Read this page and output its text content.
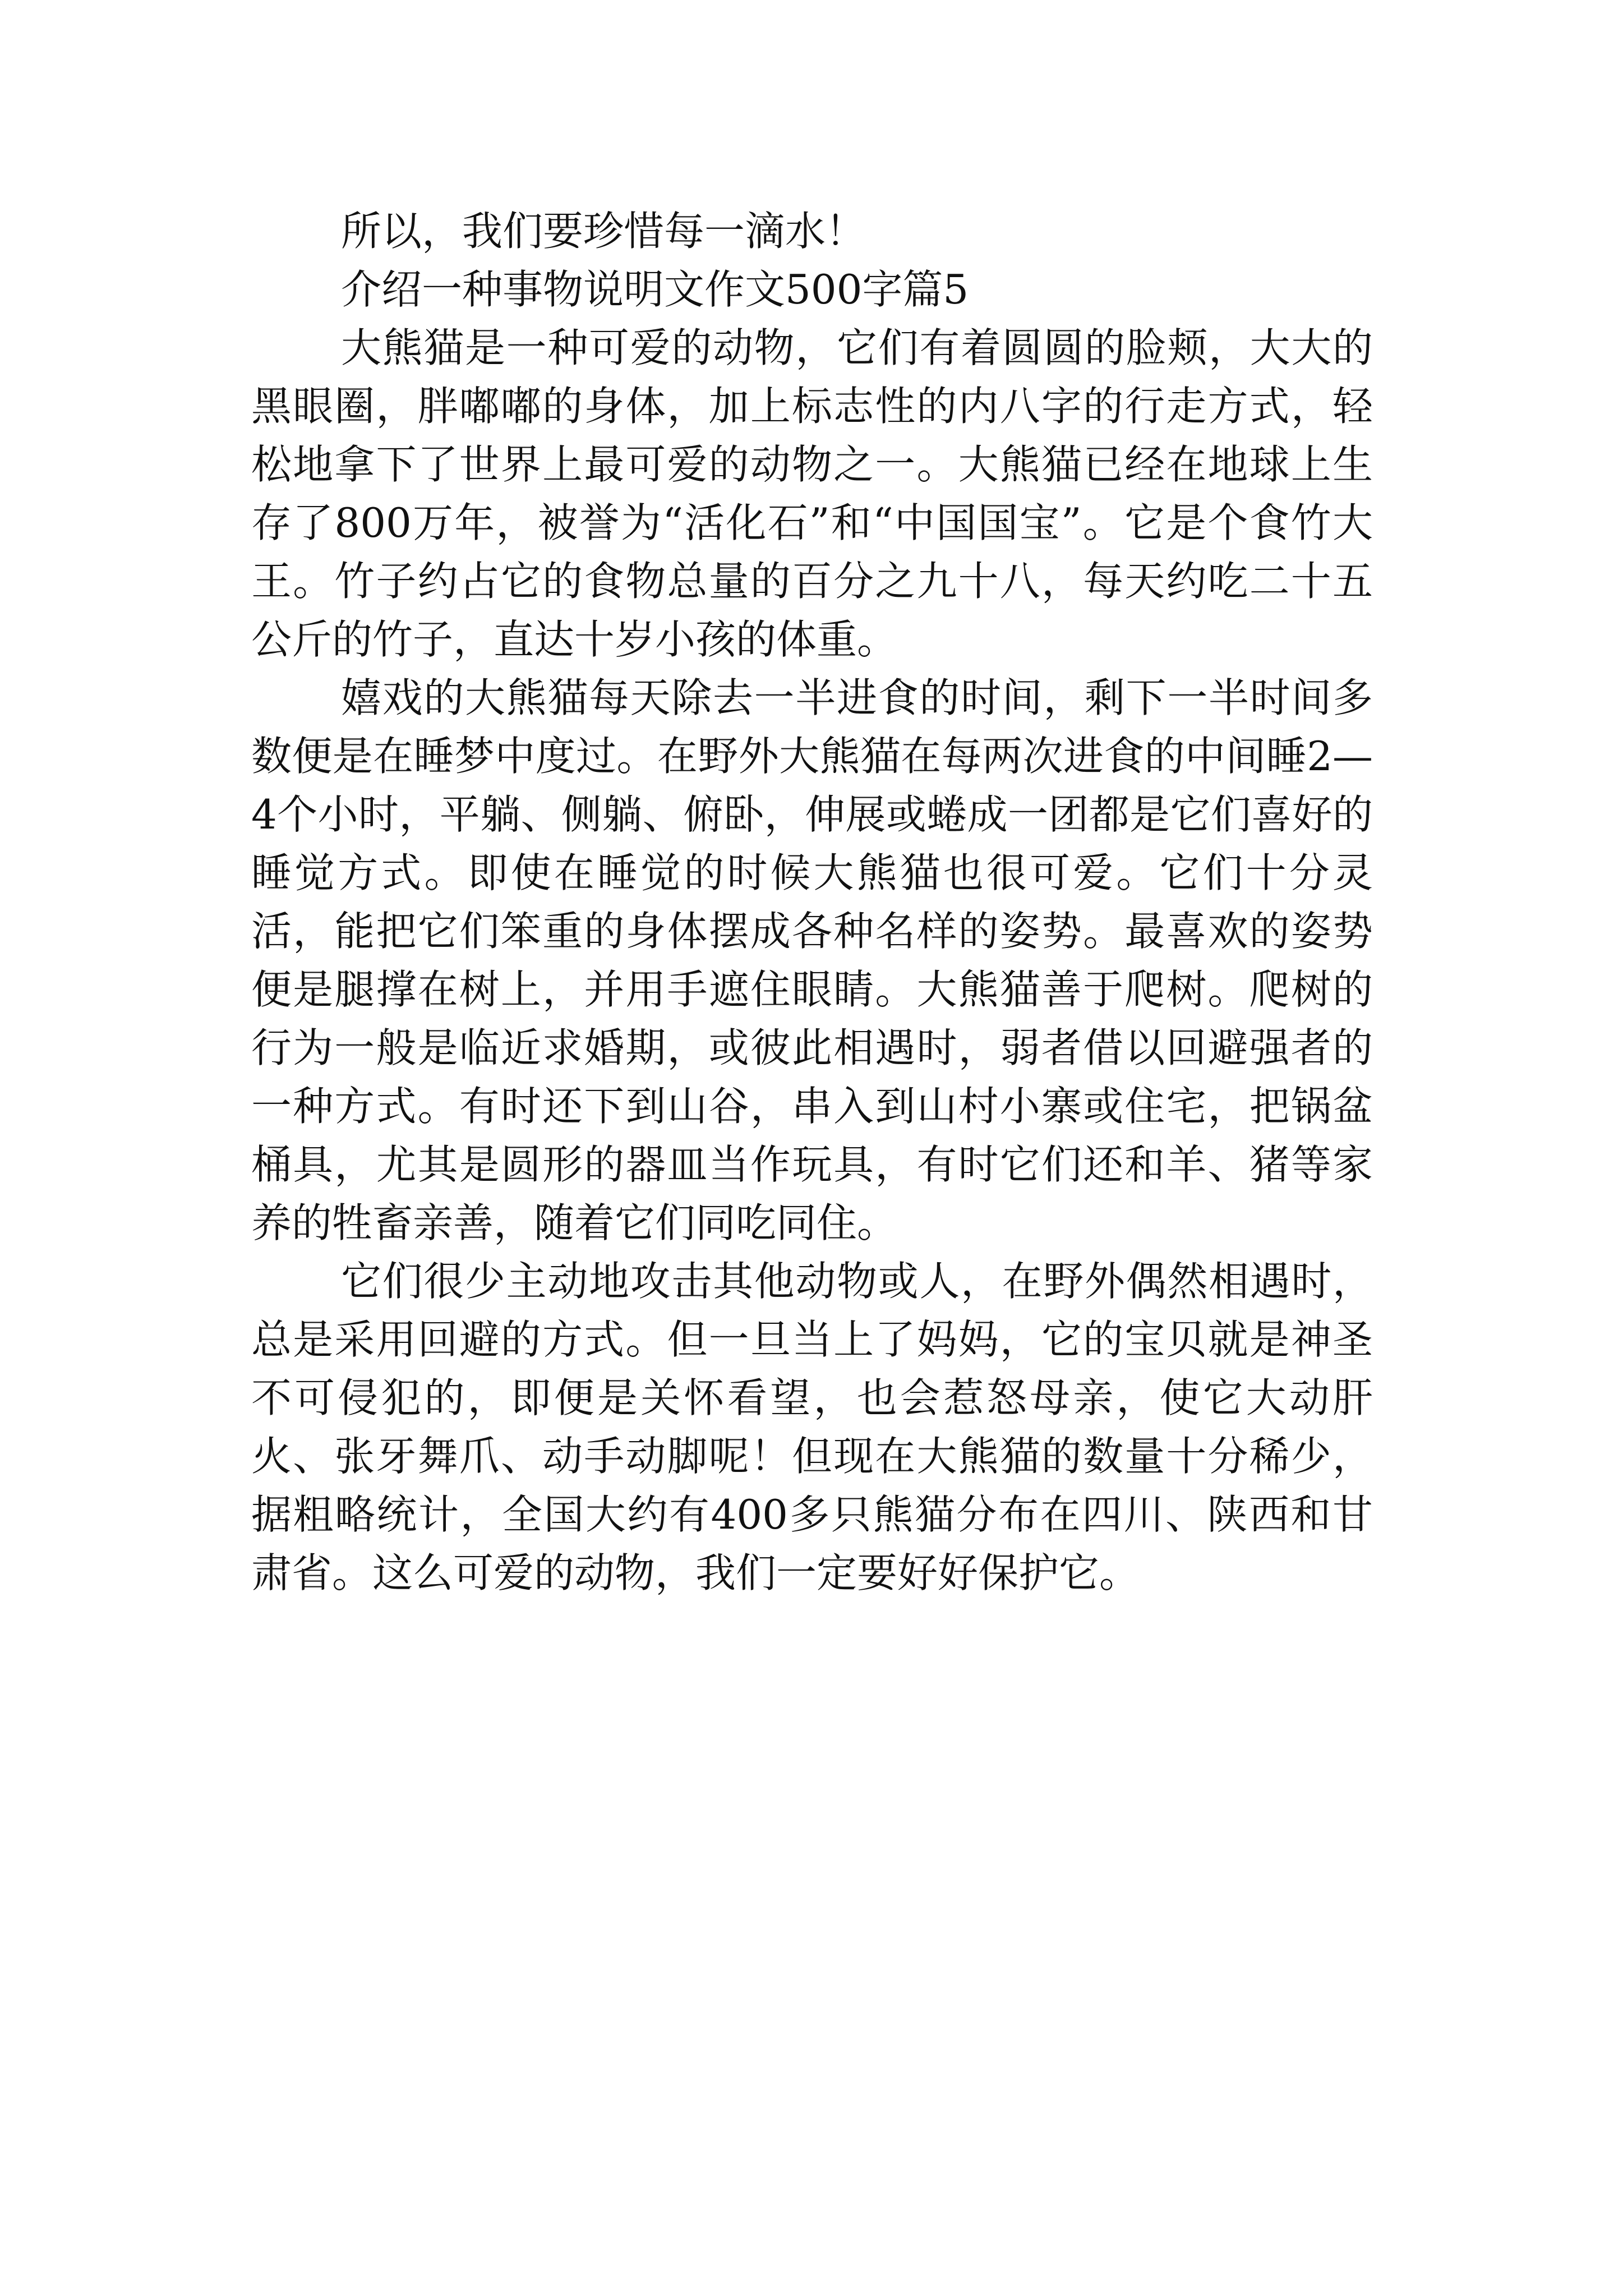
所以，我们要珍惜每一滴水！

介绍一种事物说明文作文500字篇5

大熊猫是一种可爱的动物，它们有着圆圆的脸颊，大大的黑眼圈，胖嘟嘟的身体，加上标志性的内八字的行走方式，轻松地拿下了世界上最可爱的动物之一。大熊猫已经在地球上生存了800万年，被誉为“活化石”和“中国国宝”。它是个食竹大王。竹子约占它的食物总量的百分之九十八，每天约吃二十五公斤的竹子，直达十岁小孩的体重。

嬉戏的大熊猫每天除去一半进食的时间，剩下一半时间多数便是在睡梦中度过。在野外大熊猫在每两次进食的中间睡2—4个小时，平躺、侧躺、俯卧，伸展或蜷成一团都是它们喜好的睡觉方式。即使在睡觉的时候大熊猫也很可爱。它们十分灵活，能把它们笨重的身体摆成各种名样的姿势。最喜欢的姿势便是腿撑在树上，并用手遮住眼睛。大熊猫善于爬树。爬树的行为一般是临近求婚期，或彼此相遇时，弱者借以回避强者的一种方式。有时还下到山谷，串入到山村小寨或住宅，把锅盆桶具，尤其是圆形的器皿当作玩具，有时它们还和羊、猪等家养的牲畜亲善，随着它们同吃同住。

它们很少主动地攻击其他动物或人，在野外偶然相遇时，总是采用回避的方式。但一旦当上了妈妈，它的宝贝就是神圣不可侵犯的，即便是关怀看望，也会惹怒母亲，使它大动肝火、张牙舞爪、动手动脚呢！但现在大熊猫的数量十分稀少，据粗略统计，全国大约有400多只熊猫分布在四川、陕西和甘肃省。这么可爱的动物，我们一定要好好保护它。
